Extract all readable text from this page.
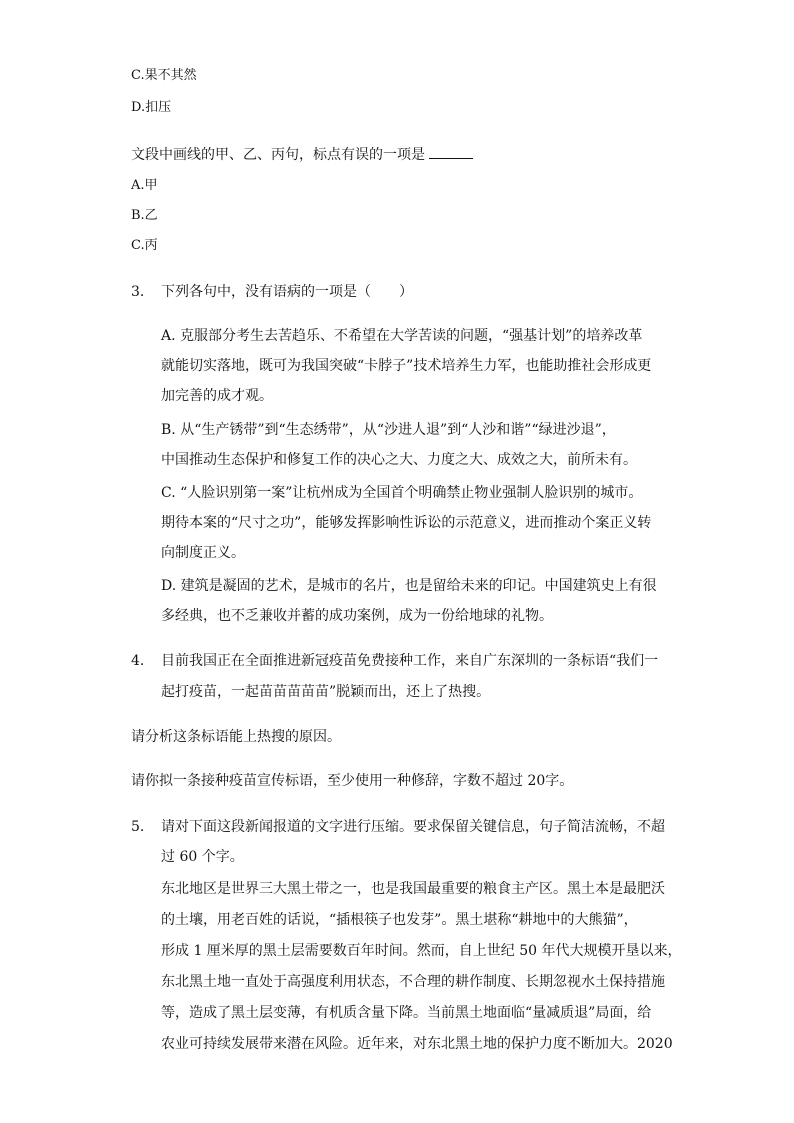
C.果不其然
D.扣压
文段中画线的甲、乙、丙句，标点有误的一项是
A.甲
B.乙
C.丙
3. 下列各句中，没有语病的一项是（　　）
A. 克服部分考生去苦趋乐、不希望在大学苦读的问题，“强基计划”的培养改革
就能切实落地，既可为我国突破“卡脖子”技术培养生力军，也能助推社会形成更
加完善的成才观。
B. 从“生产锈带”到“生态绣带”，从“沙进人退”到“人沙和谐”“绿进沙退”，
中国推动生态保护和修复工作的决心之大、力度之大、成效之大，前所未有。
C. “人脸识别第一案”让杭州成为全国首个明确禁止物业强制人脸识别的城市。
期待本案的“尺寸之功”，能够发挥影响性诉讼的示范意义，进而推动个案正义转
向制度正义。
D. 建筑是凝固的艺术，是城市的名片，也是留给未来的印记。中国建筑史上有很
多经典，也不乏兼收并蓄的成功案例，成为一份给地球的礼物。
4. 目前我国正在全面推进新冠疫苗免费接种工作，来自广东深圳的一条标语“我们一
起打疫苗，一起苗苗苗苗苗”脱颖而出，还上了热搜。
请分析这条标语能上热搜的原因。
请你拟一条接种疫苗宣传标语，至少使用一种修辞，字数不超过 20字。
5. 请对下面这段新闻报道的文字进行压缩。要求保留关键信息，句子简洁流畅，不超
过 60 个字。
东北地区是世界三大黑土带之一，也是我国最重要的粮食主产区。黑土本是最肥沃
的土壤，用老百姓的话说，“插根筷子也发芽”。黑土堪称“耕地中的大熊猫”，
形成 1 厘米厚的黑土层需要数百年时间。然而，自上世纪 50 年代大规模开垦以来，
东北黑土地一直处于高强度利用状态，不合理的耕作制度、长期忽视水土保持措施
等，造成了黑土层变薄，有机质含量下降。当前黑土地面临“量减质退”局面，给
农业可持续发展带来潜在风险。近年来，对东北黑土地的保护力度不断加大。2020
